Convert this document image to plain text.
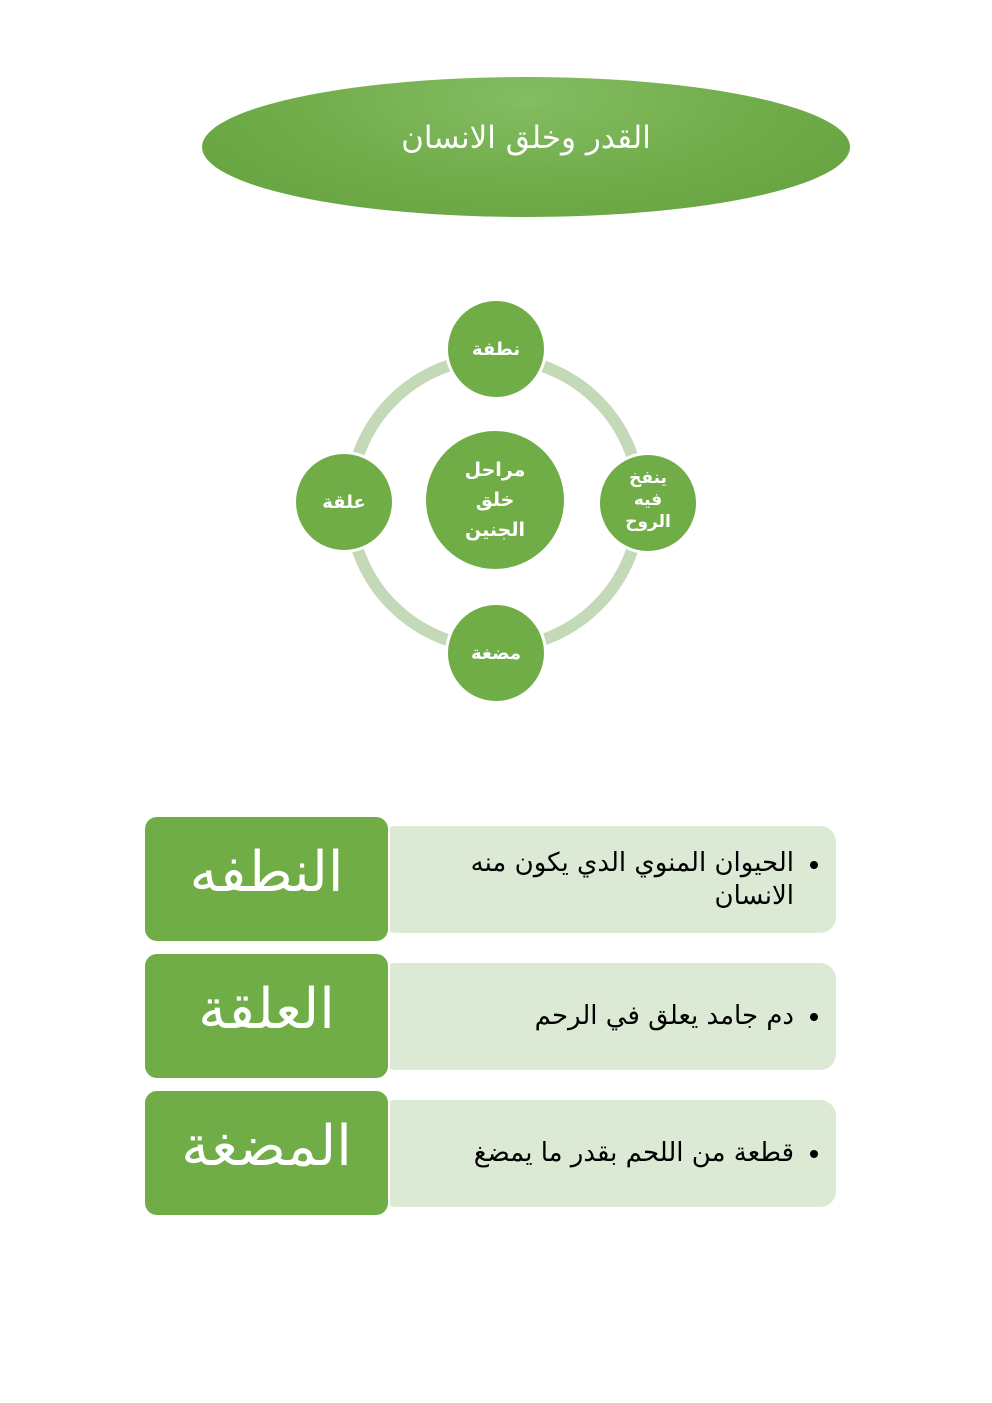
القدر وخلق الانسان
مراحل
خلق
الجنين
نطفة
ينفخ
فيه
الروح
مضغة
علقة
الحيوان المنوي الدي يكون منه الانسان
النطفه
دم جامد يعلق في الرحم
العلقة
قطعة من اللحم بقدر ما يمضغ
المضغة
